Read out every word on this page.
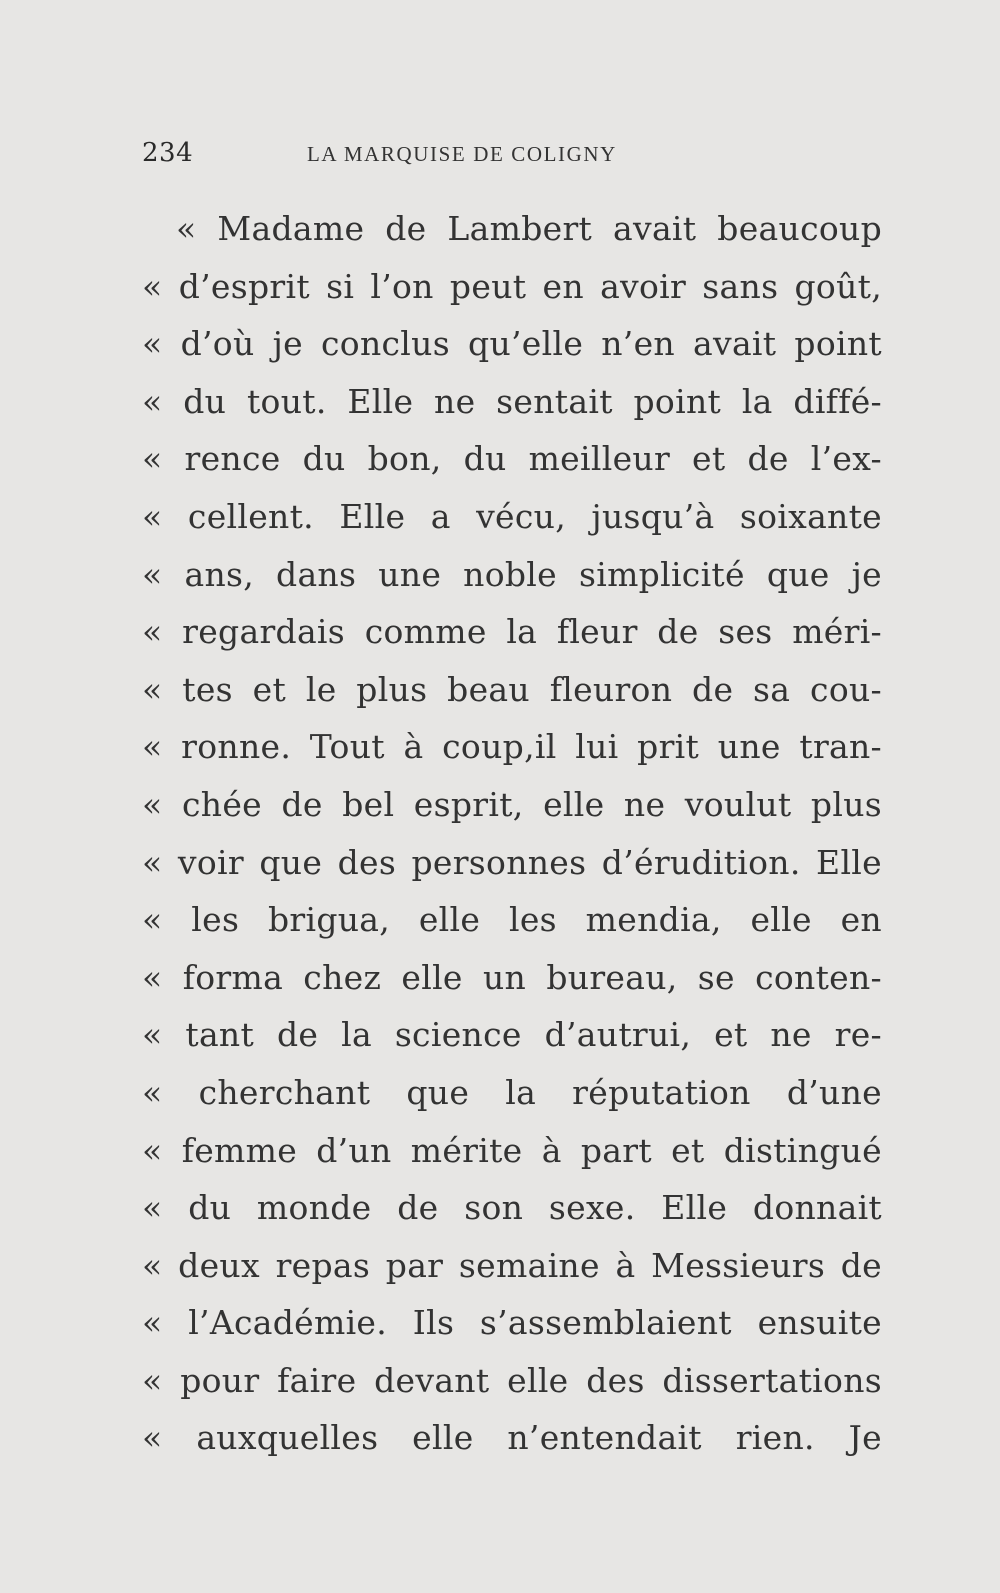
234	LA MARQUISE DE COLIGNY
« Madame de Lambert avait beaucoup
« d’esprit si l’on peut en avoir sans goût,
« d’où je conclus qu’elle n’en avait point
« du tout. Elle ne sentait point la diffé-
« rence du bon, du meilleur et de l’ex-
« cellent. Elle a vécu, jusqu’à soixante
« ans, dans une noble simplicité que je
« regardais comme la fleur de ses méri-
« tes et le plus beau fleuron de sa cou-
« ronne. Tout à coup,il lui prit une tran-
« chée de bel esprit, elle ne voulut plus
« voir que des personnes d’érudition. Elle
« les brigua, elle les mendia, elle en
« forma chez elle un bureau, se conten-
« tant de la science d’autrui, et ne re-
« cherchant que la réputation d’une
« femme d’un mérite à part et distingué
« du monde de son sexe. Elle donnait
« deux repas par semaine à Messieurs de
« l’Académie. Ils s’assemblaient ensuite
« pour faire devant elle des dissertations
« auxquelles elle n’entendait rien. Je
